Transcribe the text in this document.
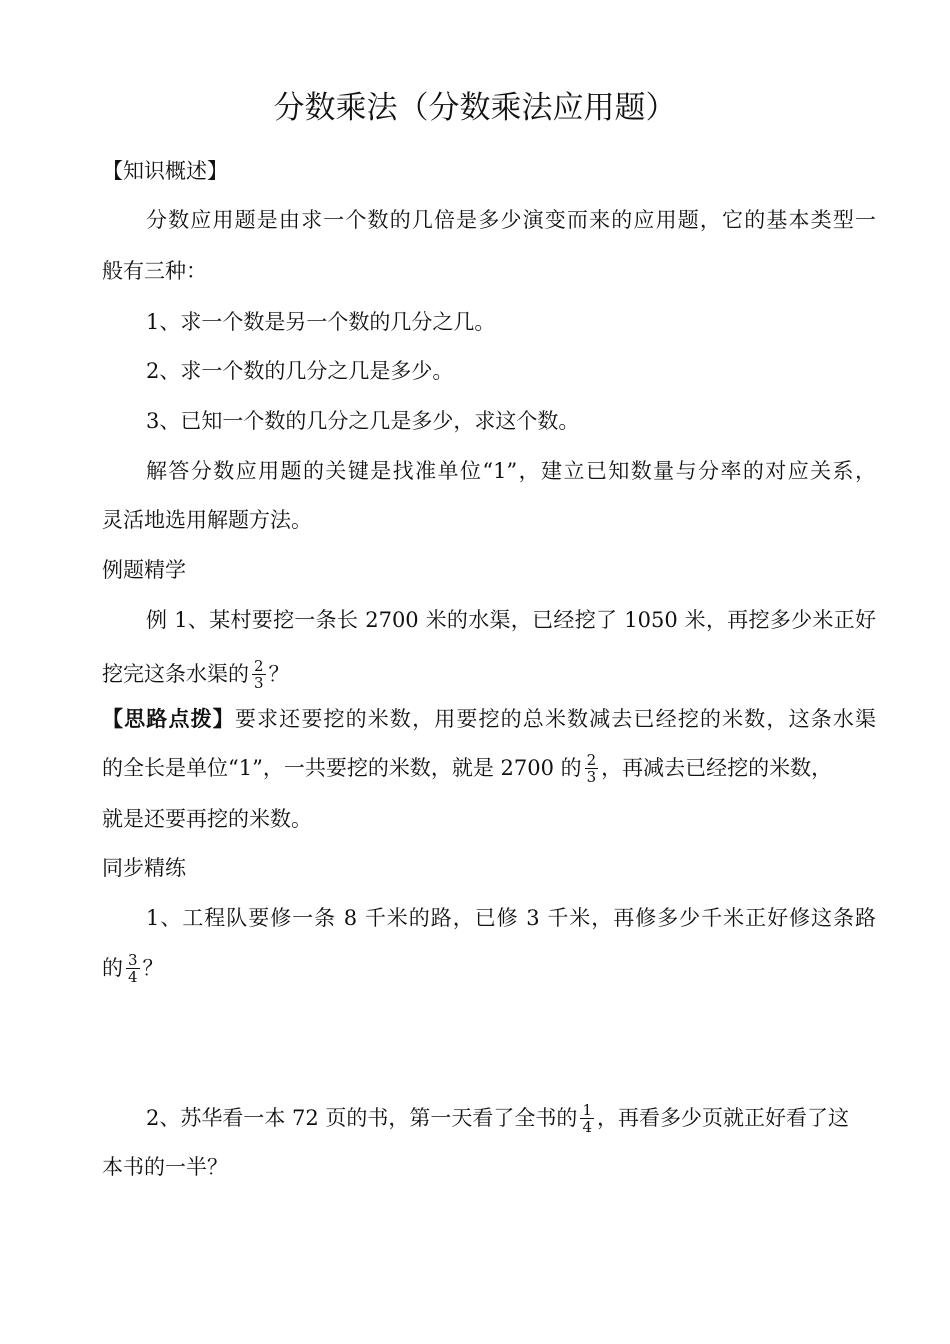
分数乘法（分数乘法应用题）
【知识概述】
分数应用题是由求一个数的几倍是多少演变而来的应用题，它的基本类型一
般有三种：
1、求一个数是另一个数的几分之几。
2、求一个数的几分之几是多少。
3、已知一个数的几分之几是多少，求这个数。
解答分数应用题的关键是找准单位“1”，建立已知数量与分率的对应关系，
灵活地选用解题方法。
例题精学
例 1、某村要挖一条长 2700 米的水渠，已经挖了 1050 米，再挖多少米正好
挖完这条水渠的 $\frac{2}{3}$ ？
【思路点拨】要求还要挖的米数，用要挖的总米数减去已经挖的米数，这条水渠
的全长是单位“1”，一共要挖的米数，就是 2700 的 $\frac{2}{3}$ ，再减去已经挖的米数，
就是还要再挖的米数。
同步精练
1、工程队要修一条 8 千米的路，已修 3 千米，再修多少千米正好修这条路
的 $\frac{3}{4}$ ？
2、苏华看一本 72 页的书，第一天看了全书的 $\frac{1}{4}$ ，再看多少页就正好看了这
本书的一半？
